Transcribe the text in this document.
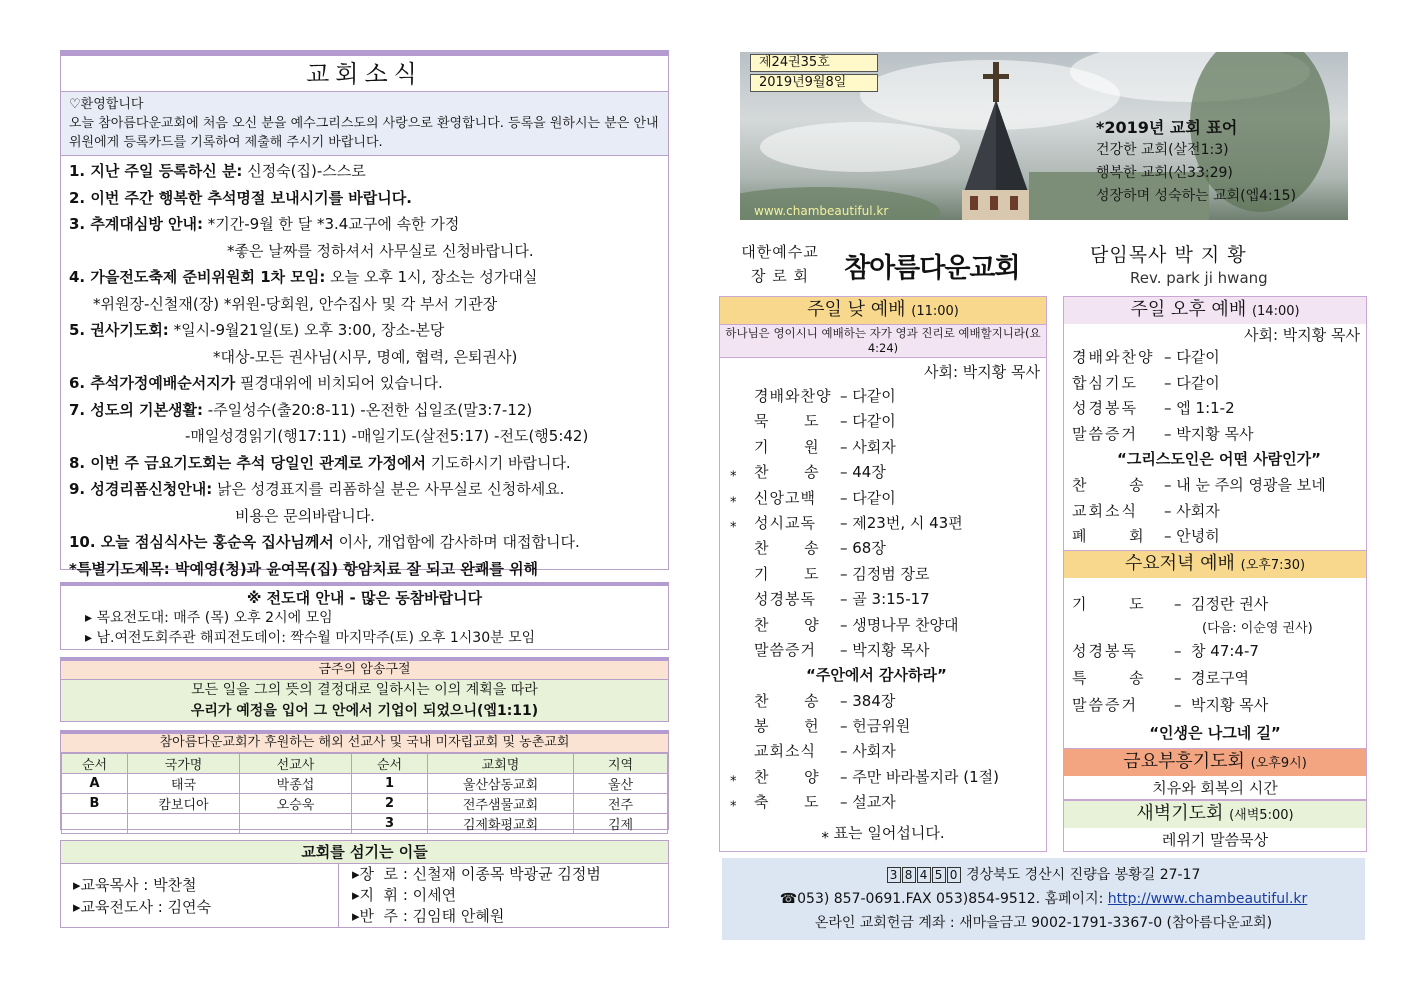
교회소식
♡환영합니다
오늘 참아름다운교회에 처음 오신 분을 예수그리스도의 사랑으로 환영합니다. 등록을 원하시는 분은 안내위원에게 등록카드를 기록하여 제출해 주시기 바랍니다.
1. 지난 주일 등록하신 분: 신정숙(집)-스스로
2. 이번 주간 행복한 추석명절 보내시기를 바랍니다.
3. 추계대심방 안내: *기간-9월 한 달 *3.4교구에 속한 가정
*좋은 날짜를 정하셔서 사무실로 신청바랍니다.
4. 가을전도축제 준비위원회 1차 모임: 오늘 오후 1시, 장소는 성가대실
*위원장-신철재(장) *위원-당회원, 안수집사 및 각 부서 기관장
5. 권사기도회: *일시-9월21일(토) 오후 3:00, 장소-본당
*대상-모든 권사님(시무, 명예, 협력, 은퇴권사)
6. 추석가정예배순서지가 필경대위에 비치되어 있습니다.
7. 성도의 기본생활: -주일성수(출20:8-11) -온전한 십일조(말3:7-12)
-매일성경읽기(행17:11) -매일기도(살전5:17) -전도(행5:42)
8. 이번 주 금요기도회는 추석 당일인 관계로 가정에서 기도하시기 바랍니다.
9. 성경리폼신청안내: 낡은 성경표지를 리폼하실 분은 사무실로 신청하세요.
비용은 문의바랍니다.
10. 오늘 점심식사는 홍순옥 집사님께서 이사, 개업함에 감사하며 대접합니다.
*특별기도제목: 박예영(청)과 윤여목(집) 항암치료 잘 되고 완쾌를 위해
※ 전도대 안내 - 많은 동참바랍니다
▸ 목요전도대: 매주 (목) 오후 2시에 모임
▸ 남.여전도회주관 해피전도데이: 짝수월 마지막주(토) 오후 1시30분 모임
금주의 암송구절
모든 일을 그의 뜻의 결정대로 일하시는 이의 계획을 따라
우리가 예정을 입어 그 안에서 기업이 되었으니(엡1:11)
참아름다운교회가 후원하는 해외 선교사 및 국내 미자립교회 및 농촌교회
순서	국가명	선교사	순서	교회명	지역
A	태국	박종섭	1	울산삼동교회	울산
B	캄보디아	오승욱	2	전주샘물교회	전주
			3	김제화평교회	김제
교회를 섬기는 이들
▸교육목사 : 박찬철
▸교육전도사 : 김연숙
▸장  로 : 신철재 이종목 박광균 김정범
▸지  휘 : 이세연
▸반  주 : 김임태 안혜원
제24권35호
2019년9월8일
*2019년 교회 표어
건강한 교회(살전1:3)
행복한 교회(신33:29)
성장하며 성숙하는 교회(엡4:15)
www.chambeautiful.kr
대한예수교
장 로 회	참아름다운교회	담임목사 박 지 황
Rev. park ji hwang
주일 낮 예배 (11:00)
하나님은 영이시니 예배하는 자가 영과 진리로 예배할지니라(요4:24)
사회: 박지황 목사
경배와찬양 – 다같이
묵      도 – 다같이
기      원 – 사회자
⁎ 찬      송 – 44장
⁎ 신앙고백 – 다같이
⁎ 성시교독 – 제23번, 시 43편
찬      송 – 68장
기      도 – 김정범 장로
성경봉독 – 골 3:15-17
찬      양 – 생명나무 찬양대
말씀증거 – 박지황 목사
“주안에서 감사하라”
찬      송 – 384장
봉      헌 – 헌금위원
교회소식 – 사회자
⁎ 찬      양 – 주만 바라볼지라 (1절)
⁎ 축      도 – 설교자
⁎ 표는 일어섭니다.
주일 오후 예배 (14:00)
사회: 박지황 목사
경배와찬양 – 다같이
합심기도 – 다같이
성경봉독 – 엡 1:1-2
말씀증거 – 박지황 목사
“그리스도인은 어떤 사람인가”
찬      송 – 내 눈 주의 영광을 보네
교회소식 – 사회자
폐      회 – 안녕히
수요저녁 예배 (오후7:30)
기      도 –  김정란 권사
(다음: 이순영 권사)
성경봉독 –  창 47:4-7
특      송 –  경로구역
말씀증거 –  박지황 목사
“인생은 나그네 길”
금요부흥기도회 (오후9시)
치유와 회복의 시간
새벽기도회 (새벽5:00)
레위기 말씀묵상
3 8 4 5 0 경상북도 경산시 진량읍 봉황길 27-17
☎053) 857-0691.FAX 053)854-9512. 홈페이지: http://www.chambeautiful.kr
온라인 교회헌금 계좌 : 새마을금고 9002-1791-3367-0 (참아름다운교회)
